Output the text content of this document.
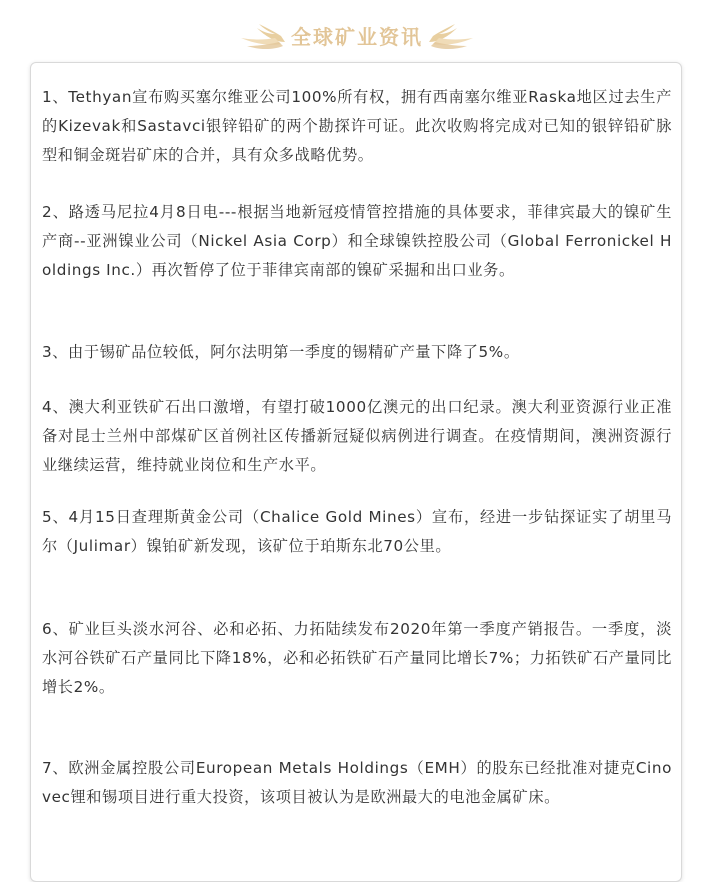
全球矿业资讯

1、Tethyan宣布购买塞尔维亚公司100%所有权，拥有西南塞尔维亚Raska地区过去生产的Kizevak和Sastavci银锌铅矿的两个勘探许可证。此次收购将完成对已知的银锌铅矿脉型和铜金斑岩矿床的合并，具有众多战略优势。

2、路透马尼拉4月8日电---根据当地新冠疫情管控措施的具体要求，菲律宾最大的镍矿生产商--亚洲镍业公司（Nickel Asia Corp）和全球镍铁控股公司（Global Ferronickel Holdings Inc.）再次暂停了位于菲律宾南部的镍矿采掘和出口业务。

3、由于锡矿品位较低，阿尔法明第一季度的锡精矿产量下降了5%。

4、澳大利亚铁矿石出口激增，有望打破1000亿澳元的出口纪录。澳大利亚资源行业正准备对昆士兰州中部煤矿区首例社区传播新冠疑似病例进行调查。在疫情期间，澳洲资源行业继续运营，维持就业岗位和生产水平。

5、4月15日查理斯黄金公司（Chalice Gold Mines）宣布，经进一步钻探证实了胡里马尔（Julimar）镍铂矿新发现，该矿位于珀斯东北70公里。

6、矿业巨头淡水河谷、必和必拓、力拓陆续发布2020年第一季度产销报告。一季度，淡水河谷铁矿石产量同比下降18%，必和必拓铁矿石产量同比增长7%；力拓铁矿石产量同比增长2%。

7、欧洲金属控股公司European Metals Holdings（EMH）的股东已经批准对捷克Cinovec锂和锡项目进行重大投资，该项目被认为是欧洲最大的电池金属矿床。
